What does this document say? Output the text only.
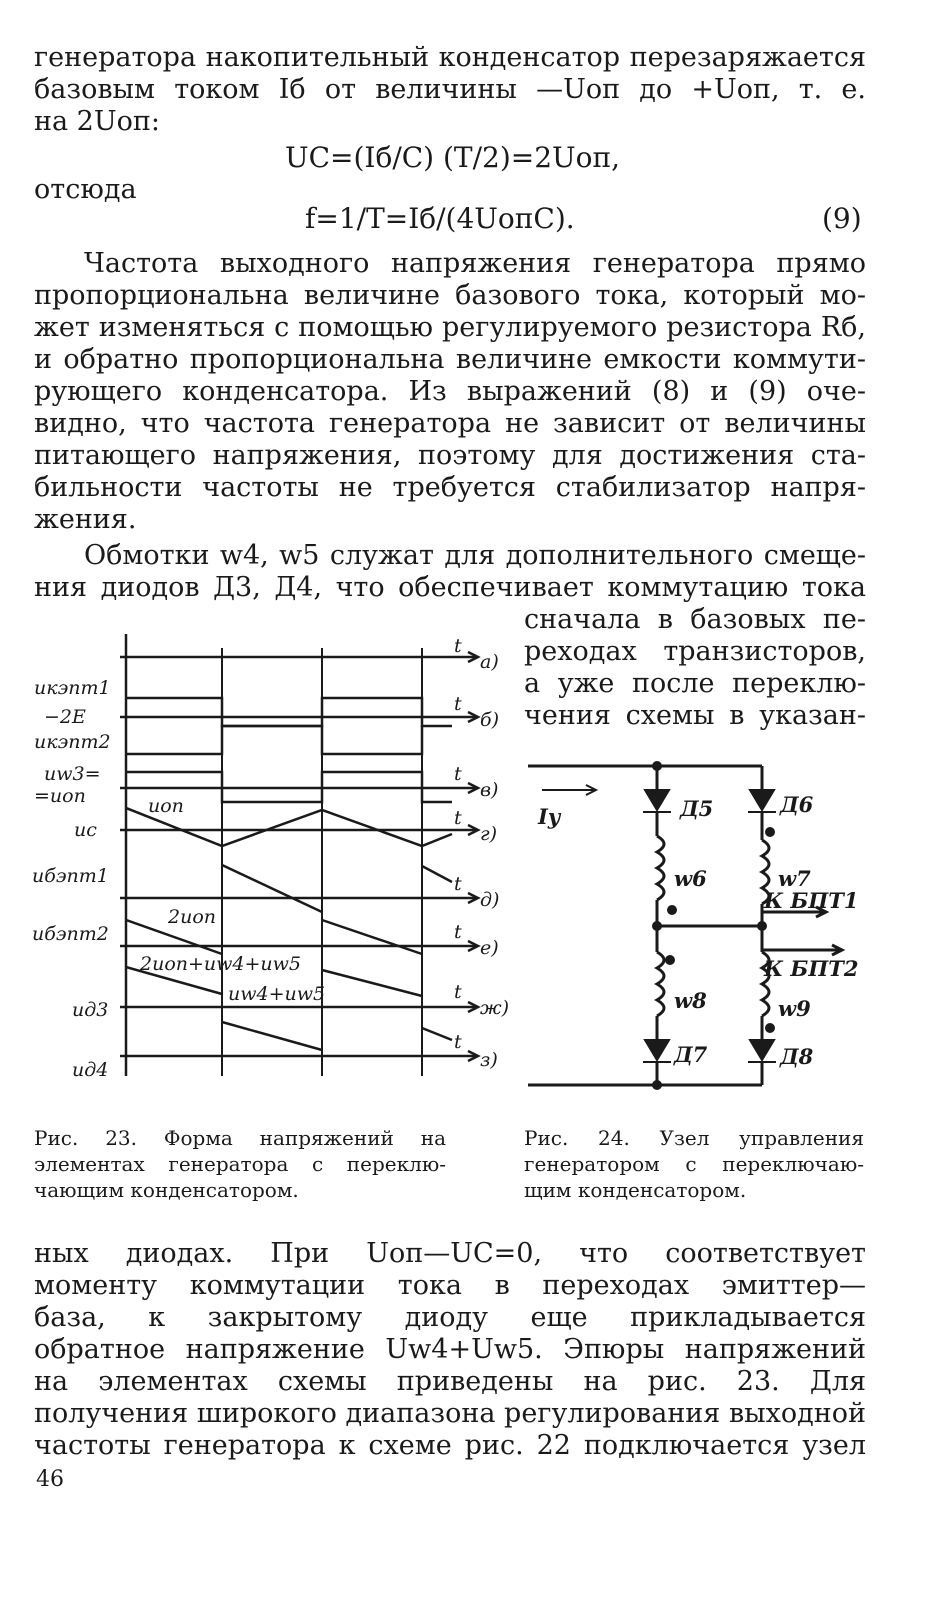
генератора накопительный конденсатор перезаряжается
базовым током Iб от величины —Uоп до +Uоп, т. е.
на 2Uоп:
UC=(Iб/C) (T/2)=2Uоп,
отсюда
f=1/T=Iб/(4UопC).	(9)
Частота выходного напряжения генератора прямо
пропорциональна величине базового тока, который мо-
жет изменяться с помощью регулируемого резистора Rб,
и обратно пропорциональна величине емкости коммути-
рующего конденсатора. Из выражений (8) и (9) оче-
видно, что частота генератора не зависит от величины
питающего напряжения, поэтому для достижения ста-
бильности частоты не требуется стабилизатор напря-
жения.
Обмотки w4, w5 служат для дополнительного смеще-
ния диодов Д3, Д4, что обеспечивает коммутацию тока
сначала в базовых пе-
реходах транзисторов,
а уже после переклю-
чения схемы в указан-
uкэпт1
−2E
uкэпт2
uw3=
=uоп	uоп
uc
uбэпт1
2uоп
uбэпт2
2uоп+uw4+uw5
uw4+uw5
uд3
uд4
t
t
t
t
t
t
t
t
а)
б)
в)
г)
д)
е)
ж)
з)
Iу	Д5	Д6
w6	w7
К БПТ1
К БПТ2
w8	w9
Д7	Д8
Рис. 23. Форма напряжений на
элементах генератора с переклю-
чающим конденсатором.
Рис. 24. Узел управления
генератором с переключаю-
щим конденсатором.
ных диодах. При Uоп—UC=0, что соответствует
моменту коммутации тока в переходах эмиттер—
база, к закрытому диоду еще прикладывается
обратное напряжение Uw4+Uw5. Эпюры напряжений
на элементах схемы приведены на рис. 23. Для
получения широкого диапазона регулирования выходной
частоты генератора к схеме рис. 22 подключается узел
46
